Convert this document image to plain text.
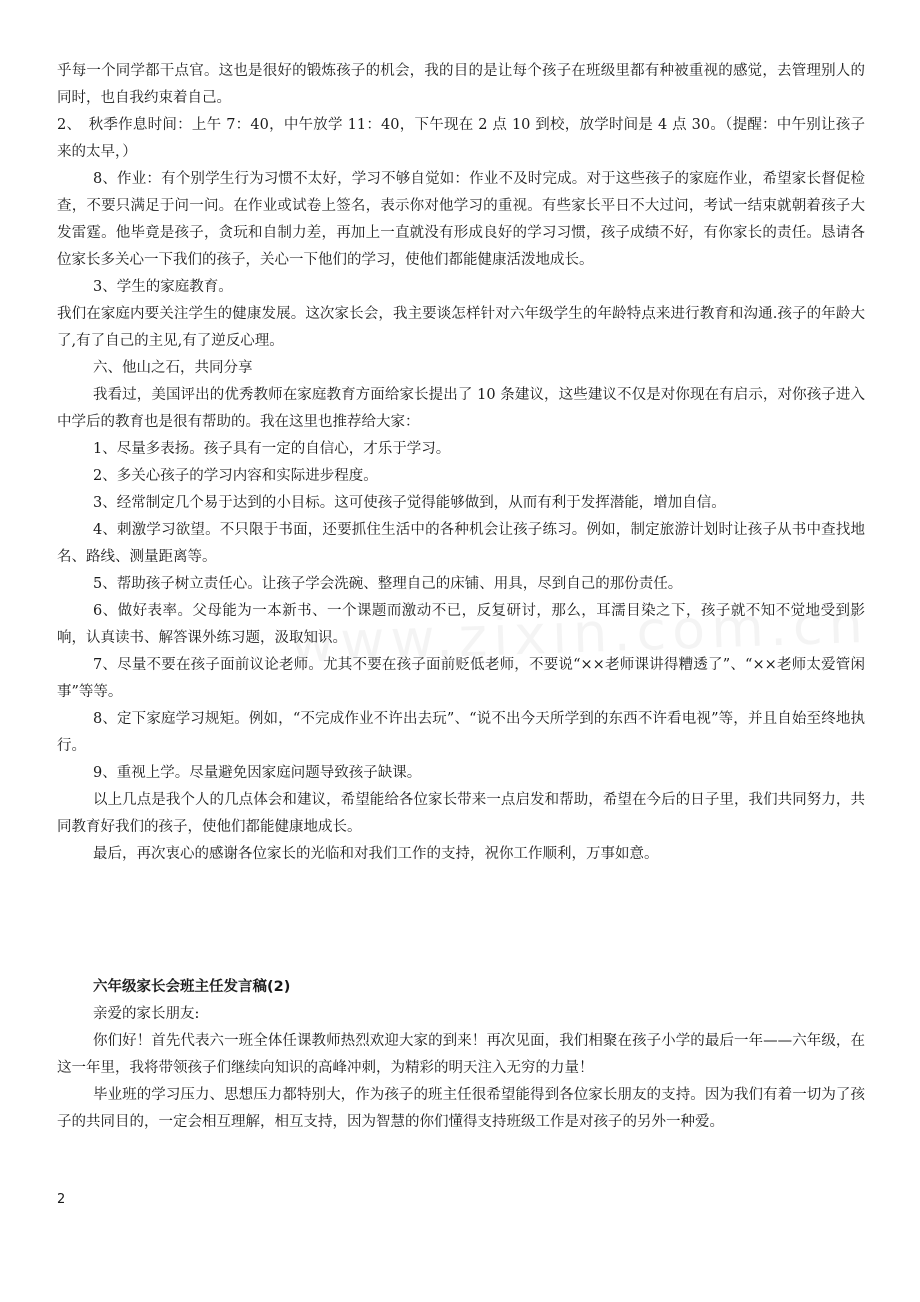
乎每一个同学都干点官。这也是很好的锻炼孩子的机会，我的目的是让每个孩子在班级里都有种被重视的感觉，去管理别人的同时，也自我约束着自己。

2、　秋季作息时间：上午 7：40，中午放学 11：40，下午现在 2 点 10 到校，放学时间是 4 点 30。（提醒：中午别让孩子来的太早，）

8、作业：有个别学生行为习惯不太好，学习不够自觉如：作业不及时完成。对于这些孩子的家庭作业，希望家长督促检查，不要只满足于问一问。在作业或试卷上签名，表示你对他学习的重视。有些家长平日不大过问，考试一结束就朝着孩子大发雷霆。他毕竟是孩子，贪玩和自制力差，再加上一直就没有形成良好的学习习惯，孩子成绩不好，有你家长的责任。恳请各位家长多关心一下我们的孩子，关心一下他们的学习，使他们都能健康活泼地成长。

3、学生的家庭教育。

我们在家庭内要关注学生的健康发展。这次家长会，我主要谈怎样针对六年级学生的年龄特点来进行教育和沟通.孩子的年龄大了,有了自己的主见,有了逆反心理。

六、他山之石，共同分享

我看过，美国评出的优秀教师在家庭教育方面给家长提出了 10 条建议，这些建议不仅是对你现在有启示，对你孩子进入中学后的教育也是很有帮助的。我在这里也推荐给大家：

1、尽量多表扬。孩子具有一定的自信心，才乐于学习。

2、多关心孩子的学习内容和实际进步程度。

3、经常制定几个易于达到的小目标。这可使孩子觉得能够做到，从而有利于发挥潜能，增加自信。

4、刺激学习欲望。不只限于书面，还要抓住生活中的各种机会让孩子练习。例如，制定旅游计划时让孩子从书中查找地名、路线、测量距离等。

5、帮助孩子树立责任心。让孩子学会洗碗、整理自己的床铺、用具，尽到自己的那份责任。

6、做好表率。父母能为一本新书、一个课题而激动不已，反复研讨，那么，耳濡目染之下，孩子就不知不觉地受到影响，认真读书、解答课外练习题，汲取知识。

7、尽量不要在孩子面前议论老师。尤其不要在孩子面前贬低老师，不要说“××老师课讲得糟透了”、“××老师太爱管闲事”等等。

8、定下家庭学习规矩。例如，“不完成作业不许出去玩”、“说不出今天所学到的东西不许看电视”等，并且自始至终地执行。

9、重视上学。尽量避免因家庭问题导致孩子缺课。

以上几点是我个人的几点体会和建议，希望能给各位家长带来一点启发和帮助，希望在今后的日子里，我们共同努力，共同教育好我们的孩子，使他们都能健康地成长。

最后，再次衷心的感谢各位家长的光临和对我们工作的支持，祝你工作顺利，万事如意。

六年级家长会班主任发言稿(2)

亲爱的家长朋友:

你们好！首先代表六一班全体任课教师热烈欢迎大家的到来！再次见面，我们相聚在孩子小学的最后一年——六年级，在这一年里，我将带领孩子们继续向知识的高峰冲刺，为精彩的明天注入无穷的力量！

毕业班的学习压力、思想压力都特别大，作为孩子的班主任很希望能得到各位家长朋友的支持。因为我们有着一切为了孩子的共同目的，一定会相互理解，相互支持，因为智慧的你们懂得支持班级工作是对孩子的另外一种爱。

2
